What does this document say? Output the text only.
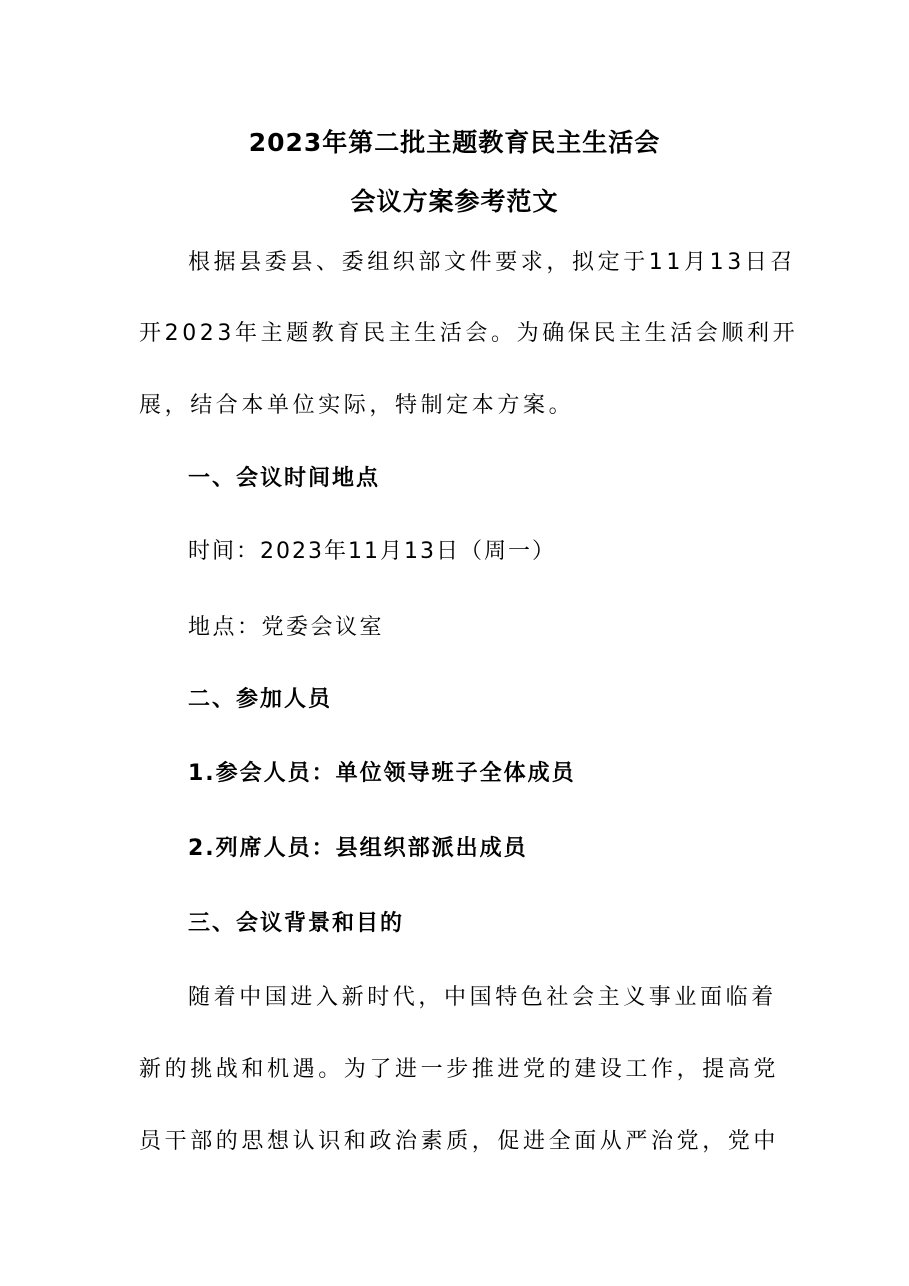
2023年第二批主题教育民主生活会
会议方案参考范文
根据县委县、委组织部文件要求，拟定于11月13日召
开2023年主题教育民主生活会。为确保民主生活会顺利开
展，结合本单位实际，特制定本方案。
一、会议时间地点
时间：2023年11月13日（周一）
地点：党委会议室
二、参加人员
1.参会人员：单位领导班子全体成员
2.列席人员：县组织部派出成员
三、会议背景和目的
随着中国进入新时代，中国特色社会主义事业面临着
新的挑战和机遇。为了进一步推进党的建设工作，提高党
员干部的思想认识和政治素质，促进全面从严治党，党中
